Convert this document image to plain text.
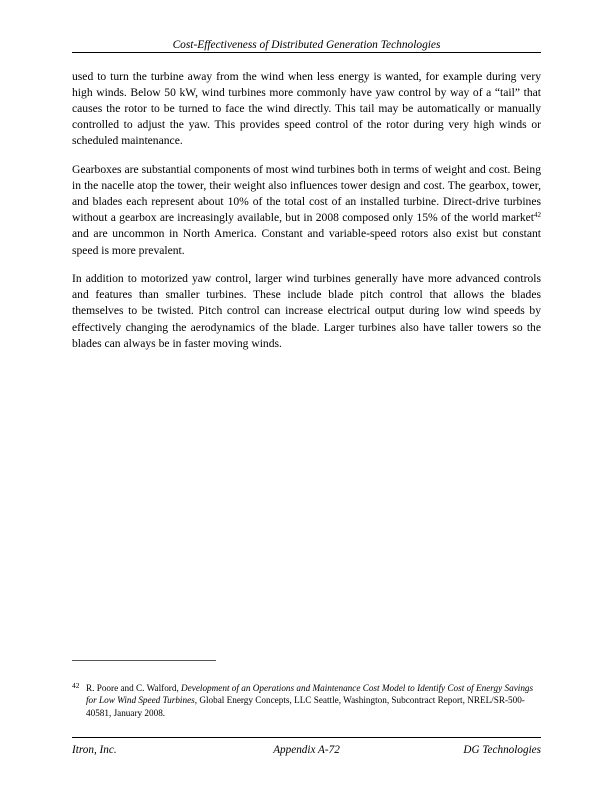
Cost-Effectiveness of Distributed Generation Technologies

used to turn the turbine away from the wind when less energy is wanted, for example during very high winds. Below 50 kW, wind turbines more commonly have yaw control by way of a “tail” that causes the rotor to be turned to face the wind directly. This tail may be automatically or manually controlled to adjust the yaw. This provides speed control of the rotor during very high winds or scheduled maintenance.

Gearboxes are substantial components of most wind turbines both in terms of weight and cost. Being in the nacelle atop the tower, their weight also influences tower design and cost. The gearbox, tower, and blades each represent about 10% of the total cost of an installed turbine. Direct-drive turbines without a gearbox are increasingly available, but in 2008 composed only 15% of the world market$^{42}$ and are uncommon in North America. Constant and variable-speed rotors also exist but constant speed is more prevalent.

In addition to motorized yaw control, larger wind turbines generally have more advanced controls and features than smaller turbines. These include blade pitch control that allows the blades themselves to be twisted. Pitch control can increase electrical output during low wind speeds by effectively changing the aerodynamics of the blade. Larger turbines also have taller towers so the blades can always be in faster moving winds.

42 R. Poore and C. Walford, Development of an Operations and Maintenance Cost Model to Identify Cost of Energy Savings for Low Wind Speed Turbines, Global Energy Concepts, LLC Seattle, Washington, Subcontract Report, NREL/SR-500-40581, January 2008.
Itron, Inc.	Appendix A-72	DG Technologies
